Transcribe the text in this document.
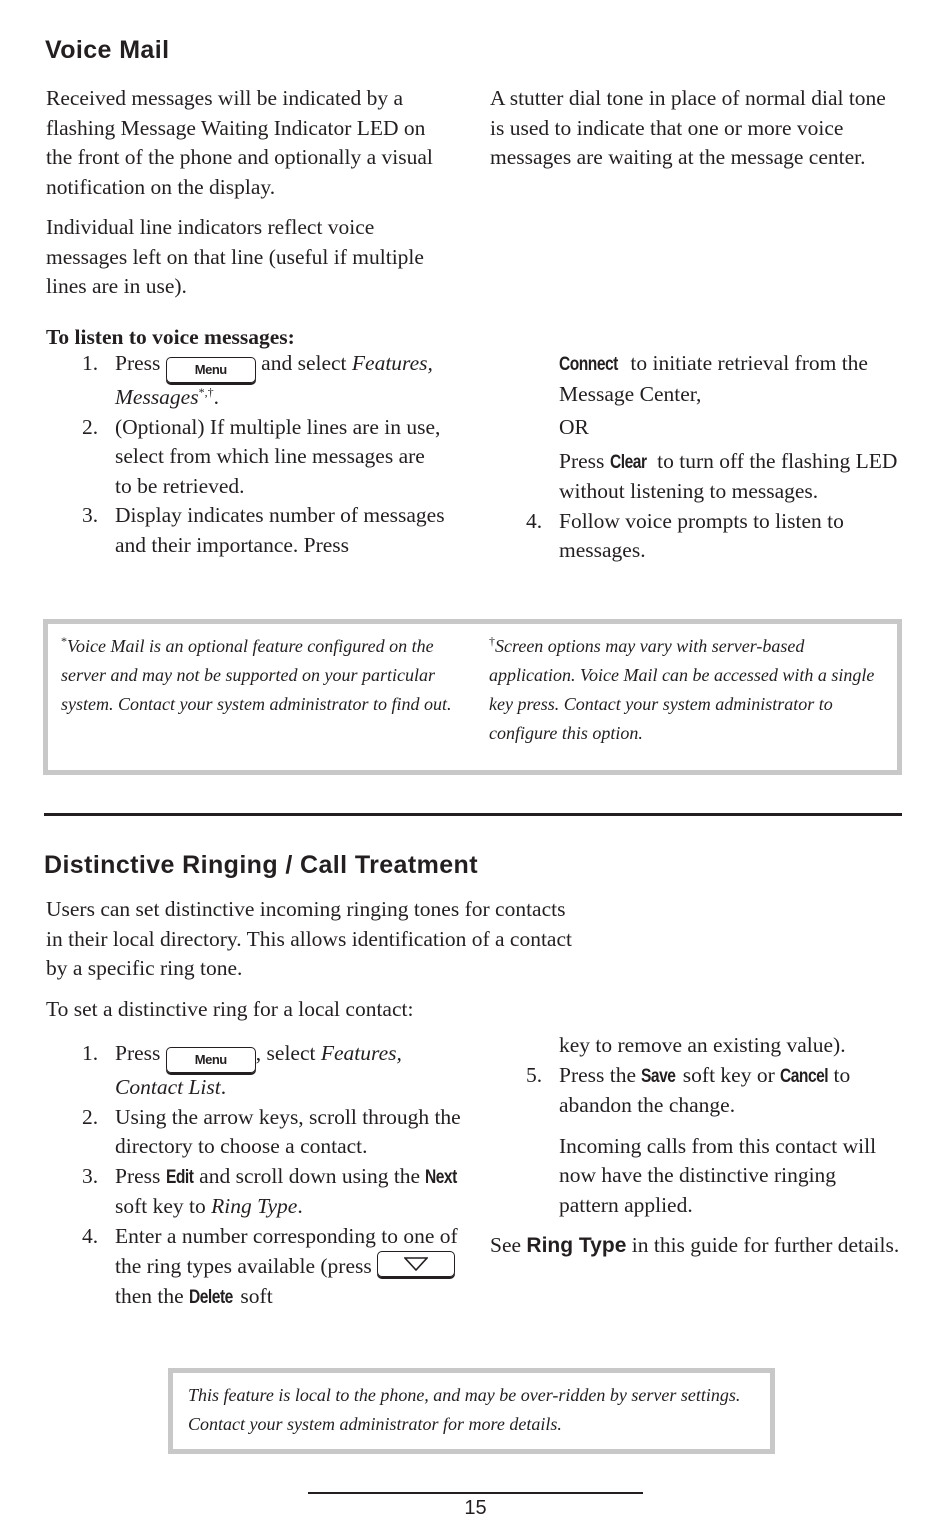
Voice Mail

Received messages will be indicated by a flashing Message Waiting Indicator LED on the front of the phone and optionally a visual notification on the display.

Individual line indicators reflect voice messages left on that line (useful if multiple lines are in use).

A stutter dial tone in place of normal dial tone is used to indicate that one or more voice messages are waiting at the message center.

To listen to voice messages:
1. Press	Menu and select Features, Messages*,†.
2. (Optional) If multiple lines are in use, select from which line messages are to be retrieved.
3. Display indicates number of messages and their importance. Press
Connect to initiate retrieval from the Message Center,
OR
Press Clear to turn off the flashing LED without listening to messages.
4. Follow voice prompts to listen to messages.

*Voice Mail is an optional feature configured on the server and may not be supported on your particular system. Contact your system administrator to find out.

†Screen options may vary with server-based application. Voice Mail can be accessed with a single key press. Contact your system administrator to configure this option.

Distinctive Ringing / Call Treatment

Users can set distinctive incoming ringing tones for contacts in their local directory. This allows identification of a contact by a specific ring tone.

To set a distinctive ring for a local contact:

1. Press	Menu , select Features, Contact List.
2. Using the arrow keys, scroll through the directory to choose a contact.
3. Press Edit and scroll down using the Next soft key to Ring Type.
4. Enter a number corresponding to one of the ring types available (press
then the Delete soft
key to remove an existing value).
5. Press the Save soft key or Cancel to abandon the change.
Incoming calls from this contact will now have the distinctive ringing pattern applied.
See Ring Type in this guide for further details.

This feature is local to the phone, and may be over-ridden by server settings. Contact your system administrator for more details.

15
